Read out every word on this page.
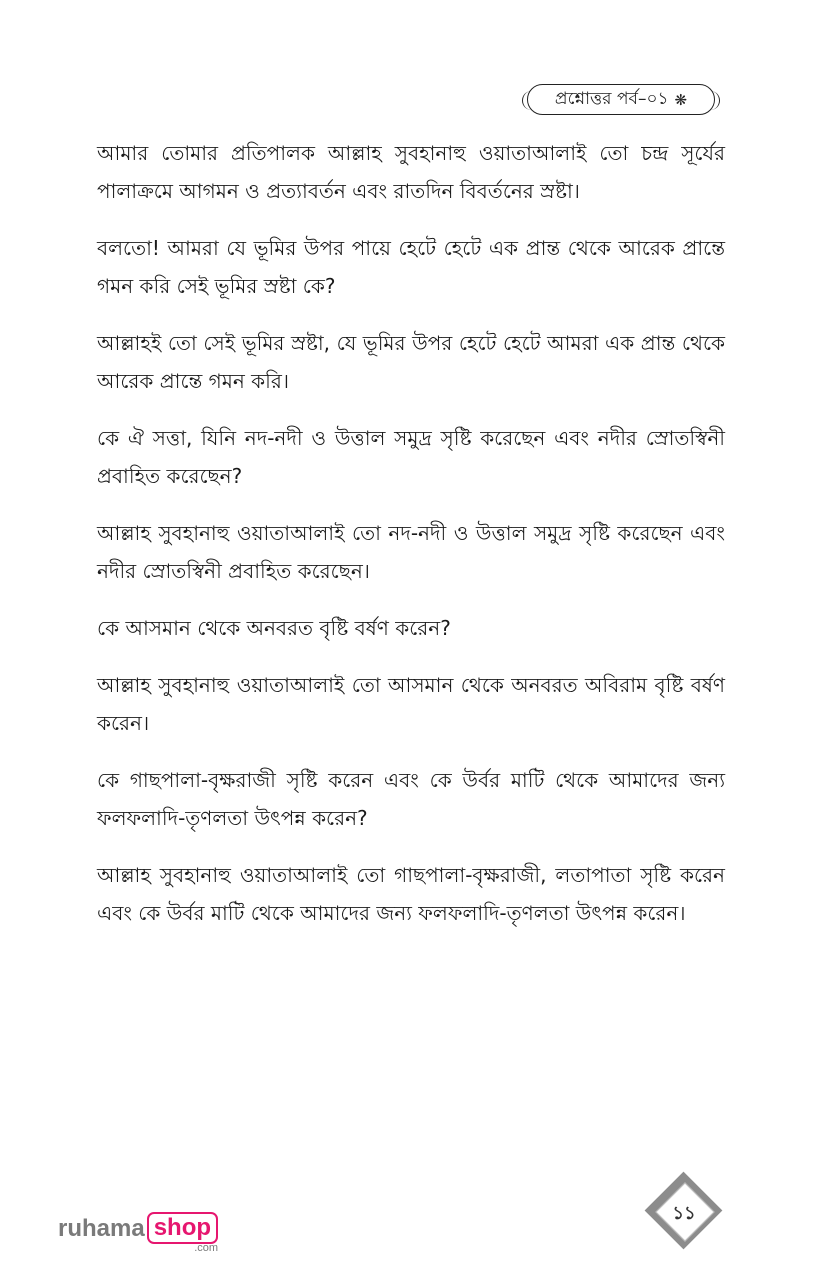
প্রশ্নোত্তর পর্ব–০১ ❋

আমার তোমার প্রতিপালক আল্লাহ সুবহানাহু ওয়াতাআলাই তো চন্দ্র সূর্যের পালাক্রমে আগমন ও প্রত্যাবর্তন এবং রাতদিন বিবর্তনের স্রষ্টা।

বলতো! আমরা যে ভূমির উপর পায়ে হেটে হেটে এক প্রান্ত থেকে আরেক প্রান্তে গমন করি সেই ভূমির স্রষ্টা কে?

আল্লাহই তো সেই ভূমির স্রষ্টা, যে ভূমির উপর হেটে হেটে আমরা এক প্রান্ত থেকে আরেক প্রান্তে গমন করি।

কে ঐ সত্তা, যিনি নদ-নদী ও উত্তাল সমুদ্র সৃষ্টি করেছেন এবং নদীর স্রোতস্বিনী প্রবাহিত করেছেন?

আল্লাহ সুবহানাহু ওয়াতাআলাই তো নদ-নদী ও উত্তাল সমুদ্র সৃষ্টি করেছেন এবং নদীর স্রোতস্বিনী প্রবাহিত করেছেন।

কে আসমান থেকে অনবরত বৃষ্টি বর্ষণ করেন?

আল্লাহ সুবহানাহু ওয়াতাআলাই তো আসমান থেকে অনবরত অবিরাম বৃষ্টি বর্ষণ করেন।

কে গাছপালা-বৃক্ষরাজী সৃষ্টি করেন এবং কে উর্বর মাটি থেকে আমাদের জন্য ফলফলাদি-তৃণলতা উৎপন্ন করেন?

আল্লাহ সুবহানাহু ওয়াতাআলাই তো গাছপালা-বৃক্ষরাজী, লতাপাতা সৃষ্টি করেন এবং কে উর্বর মাটি থেকে আমাদের জন্য ফলফলাদি-তৃণলতা উৎপন্ন করেন।

১১
ruhama shop
.com
